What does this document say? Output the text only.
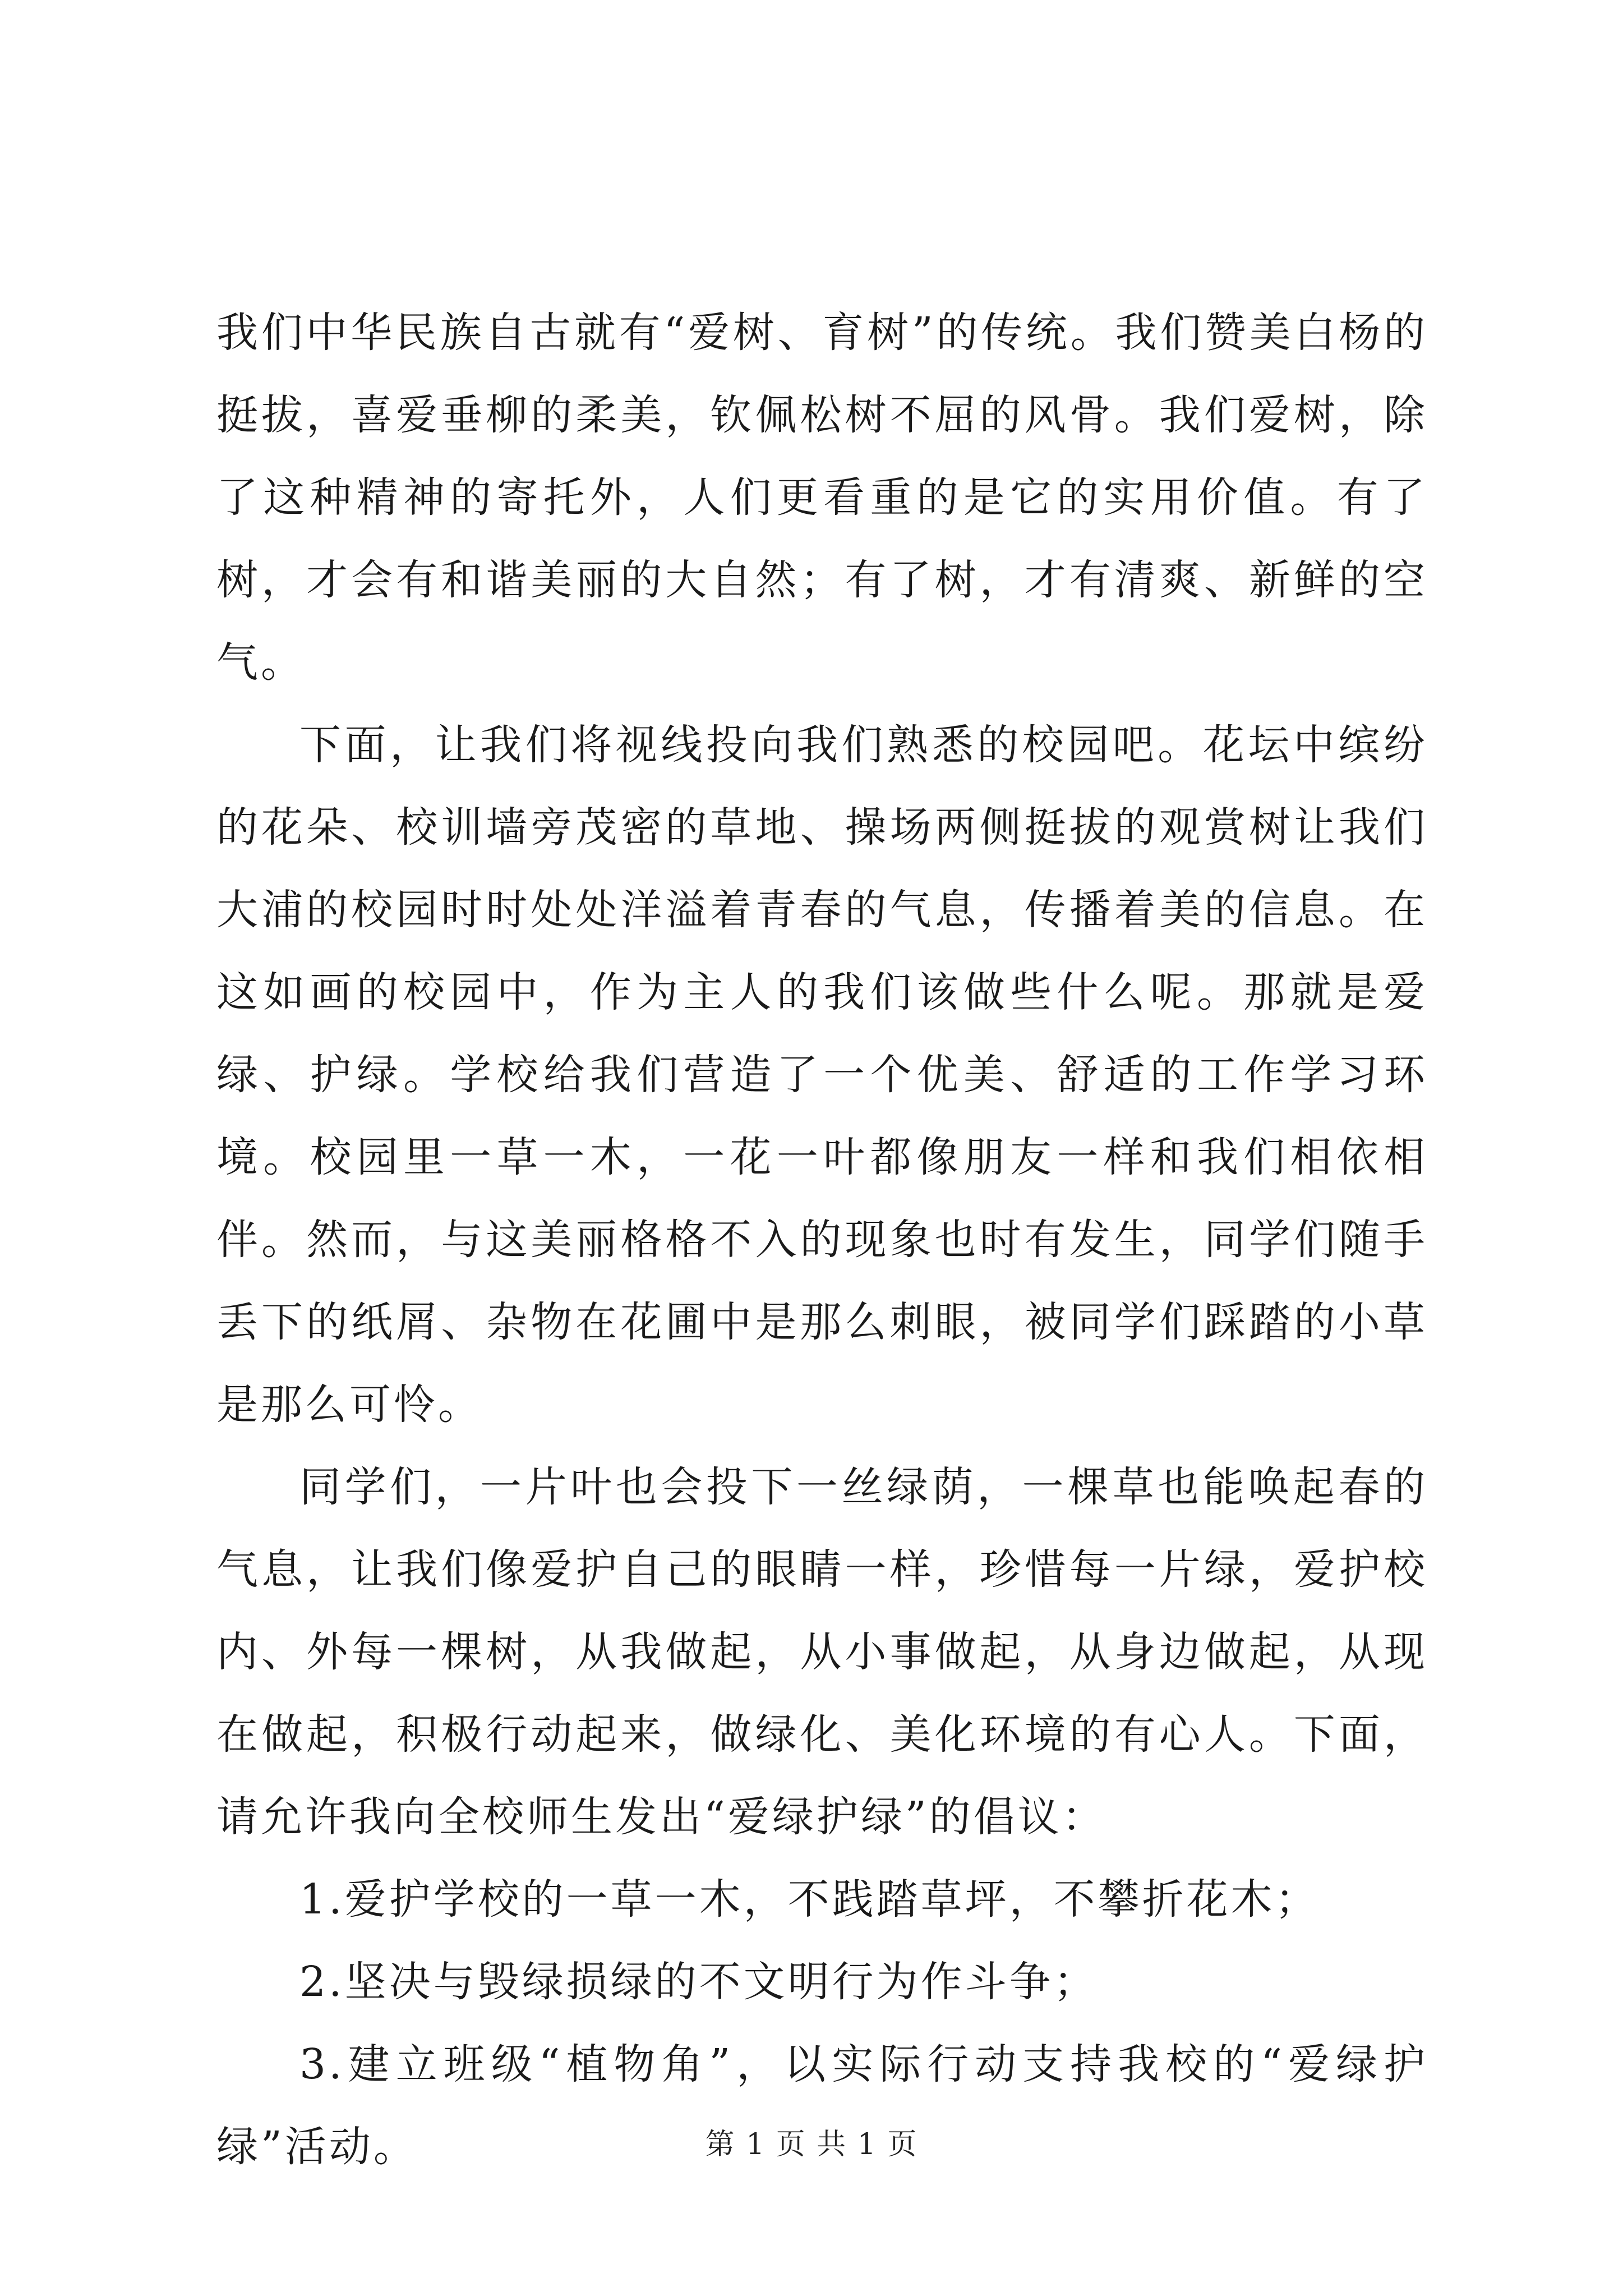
我们中华民族自古就有“爱树、育树”的传统。我们赞美白杨的挺拔，喜爱垂柳的柔美，钦佩松树不屈的风骨。我们爱树，除了这种精神的寄托外，人们更看重的是它的实用价值。有了树，才会有和谐美丽的大自然；有了树，才有清爽、新鲜的空气。

下面，让我们将视线投向我们熟悉的校园吧。花坛中缤纷的花朵、校训墙旁茂密的草地、操场两侧挺拔的观赏树让我们大浦的校园时时处处洋溢着青春的气息，传播着美的信息。在这如画的校园中，作为主人的我们该做些什么呢。那就是爱绿、护绿。学校给我们营造了一个优美、舒适的工作学习环境。校园里一草一木，一花一叶都像朋友一样和我们相依相伴。然而，与这美丽格格不入的现象也时有发生，同学们随手丢下的纸屑、杂物在花圃中是那么刺眼，被同学们踩踏的小草是那么可怜。

同学们，一片叶也会投下一丝绿荫，一棵草也能唤起春的气息，让我们像爱护自己的眼睛一样，珍惜每一片绿，爱护校内、外每一棵树，从我做起，从小事做起，从身边做起，从现在做起，积极行动起来，做绿化、美化环境的有心人。下面，请允许我向全校师生发出“爱绿护绿”的倡议：

1.爱护学校的一草一木，不践踏草坪，不攀折花木；

2.坚决与毁绿损绿的不文明行为作斗争；

3.建立班级“植物角”，以实际行动支持我校的“爱绿护绿”活动。	第 1 页 共 1 页
